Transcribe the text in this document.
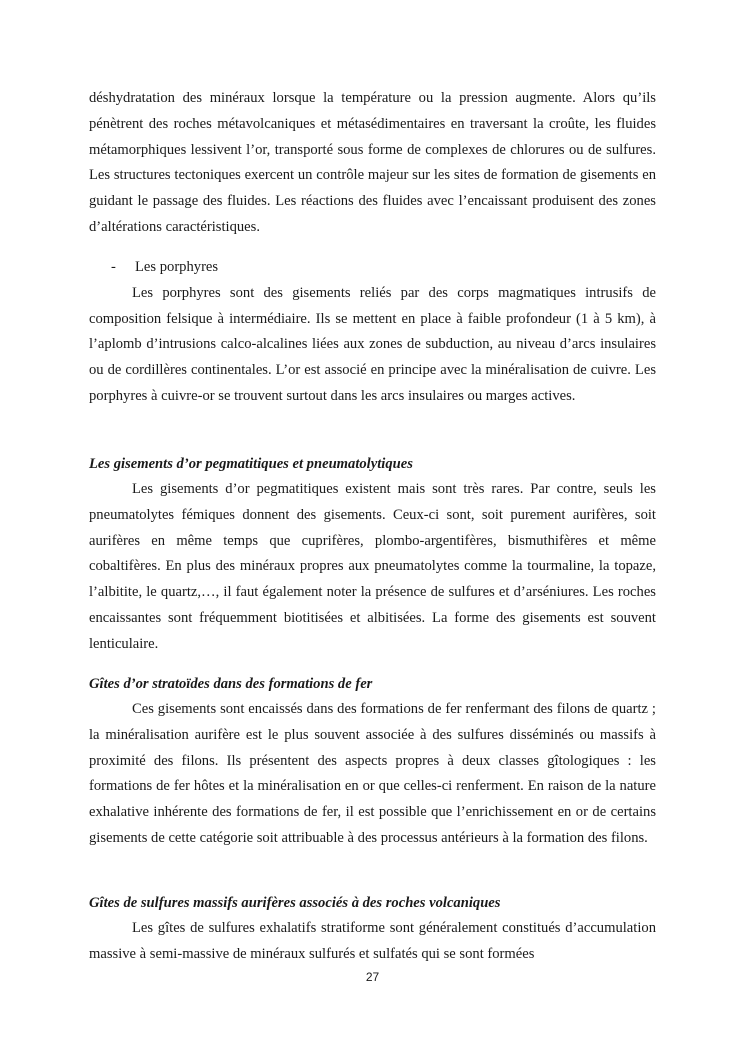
déshydratation des minéraux lorsque la température ou la pression augmente. Alors qu’ils pénètrent des roches métavolcaniques et métasédimentaires en traversant la croûte, les fluides métamorphiques lessivent l’or, transporté sous forme de complexes de chlorures ou de sulfures. Les structures tectoniques exercent un contrôle majeur sur les sites de formation de gisements en guidant le passage des fluides. Les réactions des fluides avec l’encaissant produisent des zones d’altérations caractéristiques.

- Les porphyres

Les porphyres sont des gisements reliés par des corps magmatiques intrusifs de composition felsique à intermédiaire. Ils se mettent en place à faible profondeur (1 à 5 km), à l’aplomb d’intrusions calco-alcalines liées aux zones de subduction, au niveau d’arcs insulaires ou de cordillères continentales. L’or est associé en principe avec la minéralisation de cuivre. Les porphyres à cuivre-or se trouvent surtout dans les arcs insulaires ou marges actives.

Les gisements d’or pegmatitiques et pneumatolytiques

Les gisements d’or pegmatitiques existent mais sont très rares. Par contre, seuls les pneumatolytes fémiques donnent des gisements. Ceux-ci sont, soit purement aurifères, soit aurifères en même temps que cuprifères, plombo-argentifères, bismuthifères et même cobaltifères. En plus des minéraux propres aux pneumatolytes comme la tourmaline, la topaze, l’albitite, le quartz,…, il faut également noter la présence de sulfures et d’arséniures. Les roches encaissantes sont fréquemment biotitisées et albitisées. La forme des gisements est souvent lenticulaire.

Gîtes d’or stratoïdes dans des formations de fer

Ces gisements sont encaissés dans des formations de fer renfermant des filons de quartz ; la minéralisation aurifère est le plus souvent associée à des sulfures disséminés ou massifs à proximité des filons. Ils présentent des aspects propres à deux classes gîtologiques : les formations de fer hôtes et la minéralisation en or que celles-ci renferment. En raison de la nature exhalative inhérente des formations de fer, il est possible que l’enrichissement en or de certains gisements de cette catégorie soit attribuable à des processus antérieurs à la formation des filons.

Gîtes de sulfures massifs aurifères associés à des roches volcaniques

Les gîtes de sulfures exhalatifs stratiforme sont généralement constitués d’accumulation massive à semi-massive de minéraux sulfurés et sulfatés qui se sont formées

27
